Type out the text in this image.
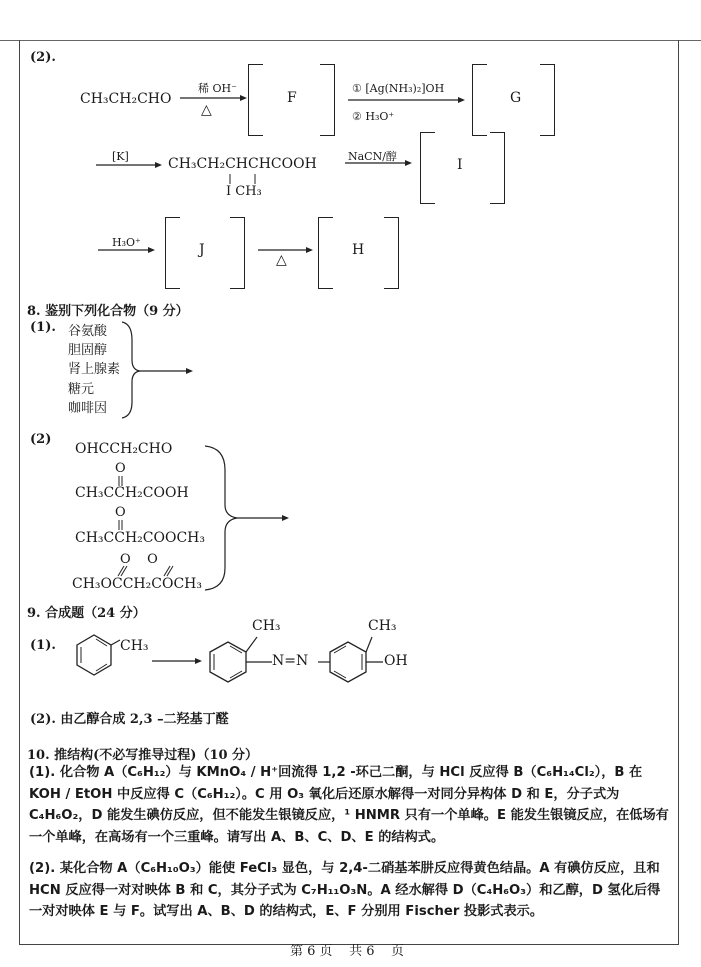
(2).
CH₃CH₂CHO
稀 OH⁻
△
F
① [Ag(NH₃)₂]OH
② H₃O⁺
G
[K]	CH₃CH₂CHCHCOOH
I CH₃
NaCN/醇
I
H₃O⁺	J
△
H
8. 鉴别下列化合物（9 分）
(1). 谷氨酸
胆固醇
肾上腺素
糖元
咖啡因
(2)
OHCCH₂CHO
O
CH₃CCH₂COOH
O
CH₃CCH₂COOCH₃
O    O
CH₃OCCH₂COCH₃
9. 合成题（24 分）
(1).	CH₃
CH₃
N=N
CH₃
OH
(2). 由乙醇合成 2,3 –二羟基丁醛
10. 推结构(不必写推导过程)（10 分）
(1). 化合物 A（C₆H₁₂）与 KMnO₄ / H⁺回流得 1,2 -环己二酮，与 HCl 反应得 B（C₆H₁₄Cl₂），B 在 KOH / EtOH 中反应得 C（C₆H₁₂）。C 用 O₃ 氧化后还原水解得一对同分异构体 D 和 E，分子式为 C₄H₆O₂，D 能发生碘仿反应，但不能发生银镜反应，¹ HNMR 只有一个单峰。E 能发生银镜反应，在低场有一个单峰，在高场有一个三重峰。请写出 A、B、C、D、E 的结构式。
(2). 某化合物 A（C₆H₁₀O₃）能使 FeCl₃ 显色，与 2,4-二硝基苯肼反应得黄色结晶。A 有碘仿反应，且和 HCN 反应得一对对映体 B 和 C，其分子式为 C₇H₁₁O₃N。A 经水解得 D（C₄H₆O₃）和乙醇，D 氢化后得一对对映体 E 与 F。试写出 A、B、D 的结构式，E、F 分别用 Fischer 投影式表示。
第 6 页    共 6    页
